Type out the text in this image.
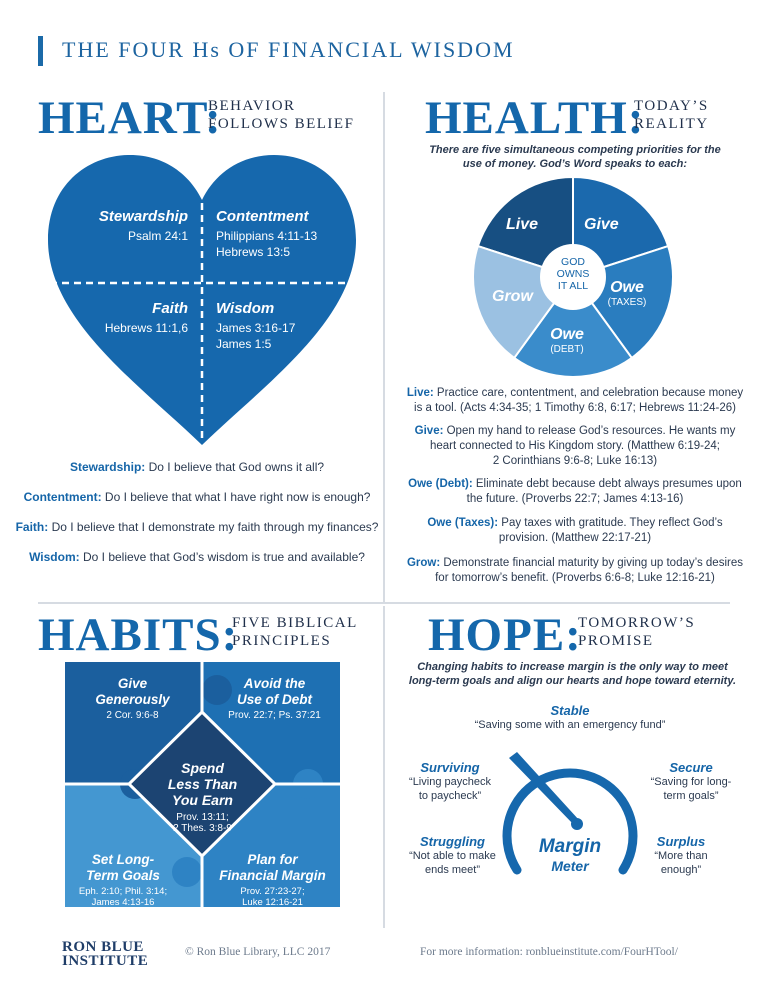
THE FOUR Hs OF FINANCIAL WISDOM
HEART:
BEHAVIOR
FOLLOWS BELIEF
Stewardship
Psalm 24:1
Contentment
Philippians 4:11-13
Hebrews 13:5
Faith
Hebrews 11:1,6
Wisdom
James 3:16-17
James 1:5
Stewardship: Do I believe that God owns it all?
Contentment: Do I believe that what I have right now is enough?
Faith: Do I believe that I demonstrate my faith through my finances?
Wisdom: Do I believe that God’s wisdom is true and available?
HEALTH:
TODAY’S
REALITY
There are five simultaneous competing priorities for the
use of money. God’s Word speaks to each:
GOD
OWNS
IT ALL
Live	Give
Owe
(TAXES)
Owe
(DEBT)
Grow
Live: Practice care, contentment, and celebration because money
is a tool. (Acts 4:34-35; 1 Timothy 6:8, 6:17; Hebrews 11:24-26)
Give: Open my hand to release God’s resources. He wants my
heart connected to His Kingdom story. (Matthew 6:19-24;
2 Corinthians 9:6-8; Luke 16:13)
Owe (Debt): Eliminate debt because debt always presumes upon
the future. (Proverbs 22:7; James 4:13-16)
Owe (Taxes): Pay taxes with gratitude. They reflect God’s
provision. (Matthew 22:17-21)
Grow: Demonstrate financial maturity by giving up today’s desires
for tomorrow’s benefit. (Proverbs 6:6-8; Luke 12:16-21)
HABITS:
FIVE BIBLICAL
PRINCIPLES
Give
Generously
2 Cor. 9:6-8
Avoid the
Use of Debt
Prov. 22:7; Ps. 37:21
Spend
Less Than
You Earn
Prov. 13:11;
2 Thes. 3:8-9
Set Long-
Term Goals
Eph. 2:10; Phil. 3:14;
James 4:13-16
Plan for
Financial Margin
Prov. 27:23-27;
Luke 12:16-21
HOPE:
TOMORROW’S
PROMISE
Changing habits to increase margin is the only way to meet
long-term goals and align our hearts and hope toward eternity.
Stable
“Saving some with an emergency fund”
Surviving
“Living paycheck
to paycheck”
Secure
“Saving for long-
term goals”
Struggling
“Not able to make
ends meet”
Surplus
“More than
enough”
Margin
Meter
RON BLUE
INSTITUTE
© Ron Blue Library, LLC 2017	For more information: ronblueinstitute.com/FourHTool/
